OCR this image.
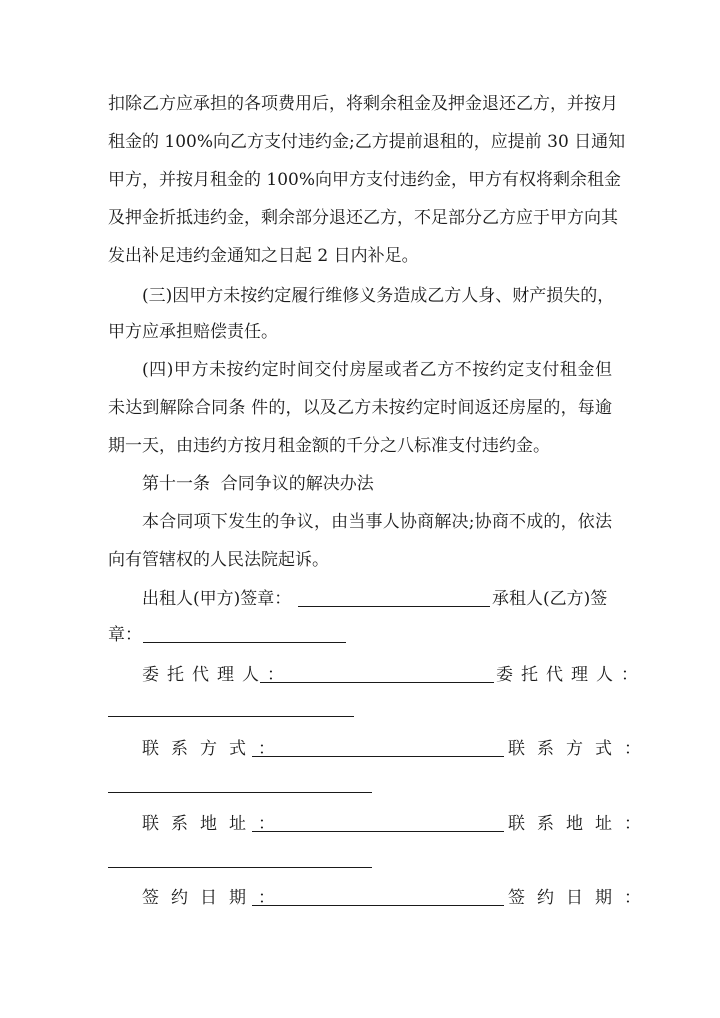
扣除乙方应承担的各项费用后，将剩余租金及押金退还乙方，并按月
租金的 100%向乙方支付违约金;乙方提前退租的，应提前 30 日通知
甲方，并按月租金的 100%向甲方支付违约金，甲方有权将剩余租金
及押金折抵违约金，剩余部分退还乙方，不足部分乙方应于甲方向其
发出补足违约金通知之日起 2 日内补足。
(三)因甲方未按约定履行维修义务造成乙方人身、财产损失的，
甲方应承担赔偿责任。
(四)甲方未按约定时间交付房屋或者乙方不按约定支付租金但
未达到解除合同条 件的，以及乙方未按约定时间返还房屋的，每逾
期一天，由违约方按月租金额的千分之八标准支付违约金。
第十一条  合同争议的解决办法
本合同项下发生的争议，由当事人协商解决;协商不成的，依法
向有管辖权的人民法院起诉。
出租人(甲方)签章：	承租人(乙方)签
章：
委托代理人：	委托代理人：
联系方式：	联系方式：
联系地址：	联系地址：
签约日期：	签约日期：
